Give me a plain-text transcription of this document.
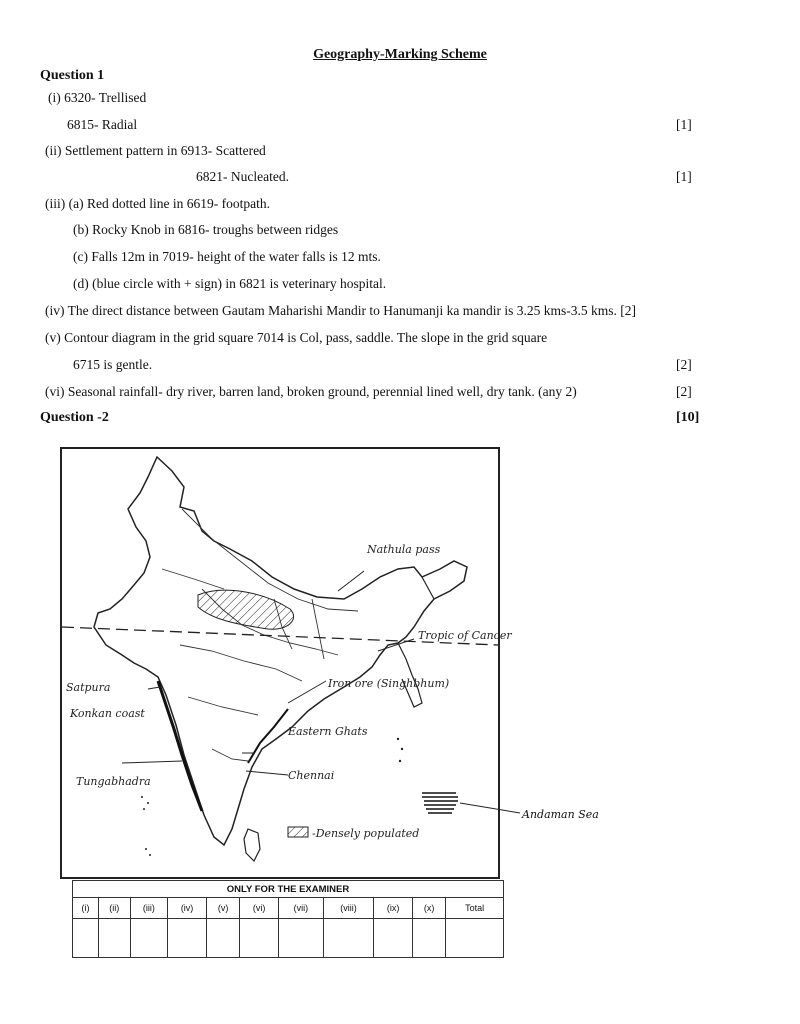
Geography-Marking Scheme
Question 1
(i) 6320- Trellised
6815- Radial	[1]
(ii) Settlement pattern in 6913- Scattered
6821- Nucleated.	[1]
(iii) (a) Red dotted line in 6619- footpath.
(b) Rocky Knob in 6816- troughs between ridges
(c) Falls 12m in 7019- height of the water falls is 12 mts.
(d) (blue circle with + sign) in 6821 is veterinary hospital.
(iv) The direct distance between Gautam Maharishi Mandir to Hanumanji ka mandir is 3.25 kms-3.5 kms. [2]
(v) Contour diagram in the grid square 7014 is Col, pass, saddle. The slope in the grid square
6715 is gentle.	[2]
(vi) Seasonal rainfall- dry river, barren land, broken ground, perennial lined well, dry tank. (any 2)	[2]
Question -2	[10]
Nathula pass
Tropic of Cancer
Satpura
Konkan coast
Iron ore (Singhbhum)
Eastern Ghats
Tungabhadra	Chennai
-Densely populated
Andaman Sea
ONLY FOR THE EXAMINER										
(i)	(ii)	(iii)	(iv)	(v)	(vi)	(vii)	(viii)	(ix)	(x)	Total
